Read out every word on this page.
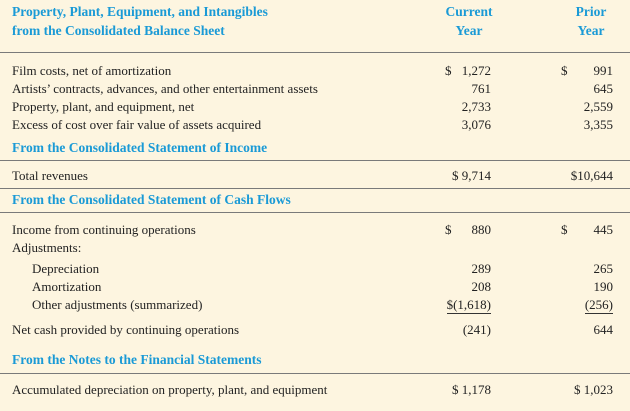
Property, Plant, Equipment, and Intangibles
from the Consolidated Balance Sheet
Current
Year
Prior
Year
Film costs, net of amortization	$ 1,272	$ 991
Artists’ contracts, advances, and other entertainment assets	761	645
Property, plant, and equipment, net	2,733	2,559
Excess of cost over fair value of assets acquired	3,076	3,355
From the Consolidated Statement of Income
Total revenues	$ 9,714	$10,644
From the Consolidated Statement of Cash Flows
Income from continuing operations	$ 880	$ 445
Adjustments:
Depreciation	289	265
Amortization	208	190
Other adjustments (summarized)	$(1,618)	(256)
Net cash provided by continuing operations	(241)	644
From the Notes to the Financial Statements
Accumulated depreciation on property, plant, and equipment	$ 1,178	$ 1,023
